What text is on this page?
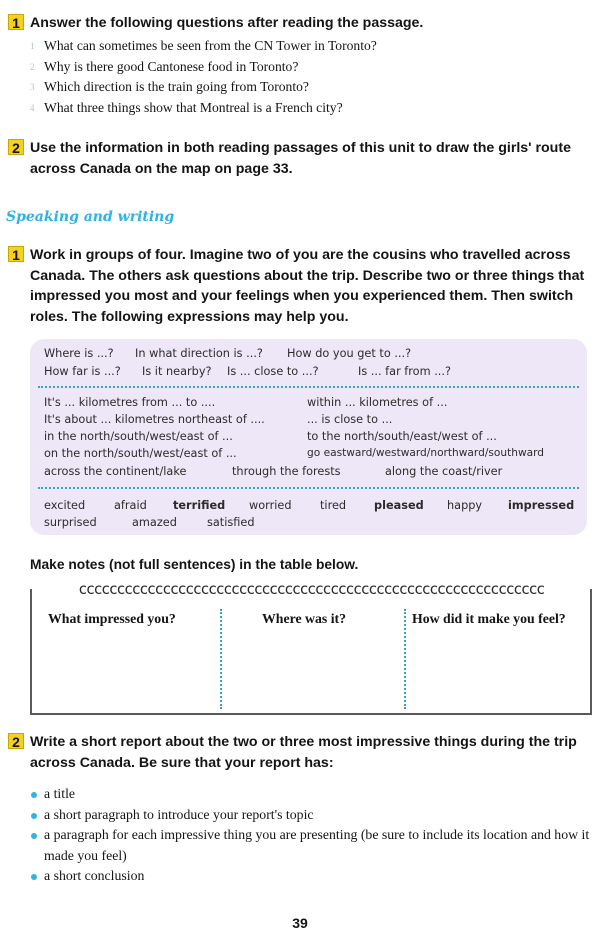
1 Answer the following questions after reading the passage.
1 What can sometimes be seen from the CN Tower in Toronto?
2 Why is there good Cantonese food in Toronto?
3 Which direction is the train going from Toronto?
4 What three things show that Montreal is a French city?
2 Use the information in both reading passages of this unit to draw the girls' route across Canada on the map on page 33.
Speaking and writing
1 Work in groups of four. Imagine two of you are the cousins who travelled across Canada. The others ask questions about the trip. Describe two or three things that impressed you most and your feelings when you experienced them. Then switch roles. The following expressions may help you.
Where is ...? In what direction is ...? How do you get to ...?
How far is ...? Is it nearby? Is ... close to ...?	Is ... far from ...?
It's ... kilometres from ... to ....	within ... kilometres of ...
It's about ... kilometres northeast of ....	... is close to ...
in the north/south/west/east of ...	to the north/south/east/west of ...
on the north/south/west/east of ...	go eastward/westward/northward/southward
across the continent/lake	through the forests	along the coast/river
excited	afraid terrified worried	tired pleased happy impressed
surprised	amazed	satisfied
Make notes (not full sentences) in the table below.
ccccccccccccccccccccccccccccccccccccccccccccccccccccccccccccc
What impressed you?	Where was it?	How did it make you feel?
2 Write a short report about the two or three most impressive things during the trip across Canada. Be sure that your report has:
a title
a short paragraph to introduce your report's topic
a paragraph for each impressive thing you are presenting (be sure to include its location and how it made you feel)
a short conclusion
39
